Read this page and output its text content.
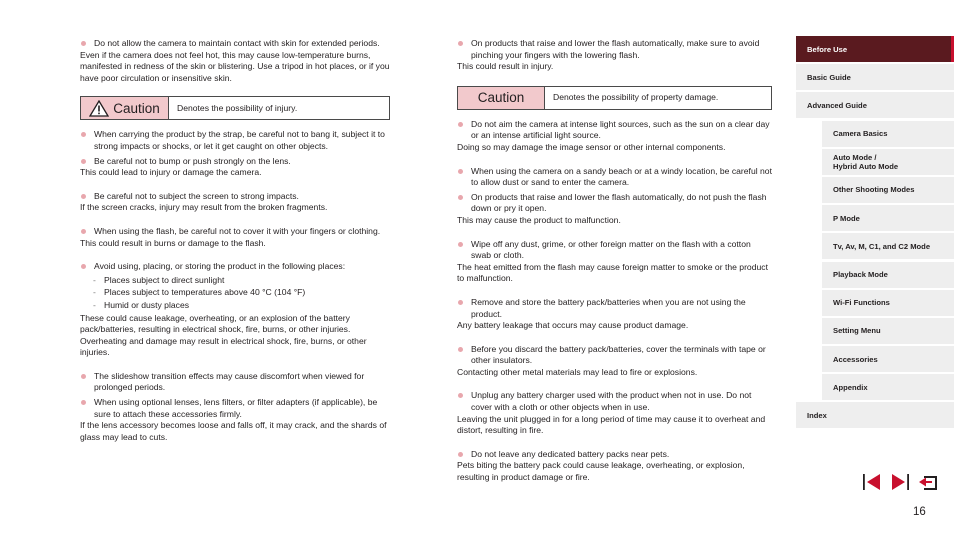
Do not allow the camera to maintain contact with skin for extended periods.

Even if the camera does not feel hot, this may cause low-temperature burns, manifested in redness of the skin or blistering. Use a tripod in hot places, or if you have poor circulation or insensitive skin.

Caution	Denotes the possibility of injury.

When carrying the product by the strap, be careful not to bang it, subject it to strong impacts or shocks, or let it get caught on other objects.

Be careful not to bump or push strongly on the lens.

This could lead to injury or damage the camera.

Be careful not to subject the screen to strong impacts.

If the screen cracks, injury may result from the broken fragments.

When using the flash, be careful not to cover it with your fingers or clothing.

This could result in burns or damage to the flash.

Avoid using, placing, or storing the product in the following places:

- Places subject to direct sunlight

- Places subject to temperatures above 40 °C (104 °F)

- Humid or dusty places

These could cause leakage, overheating, or an explosion of the battery pack/batteries, resulting in electrical shock, fire, burns, or other injuries. Overheating and damage may result in electrical shock, fire, burns, or other injuries.

The slideshow transition effects may cause discomfort when viewed for prolonged periods.

When using optional lenses, lens filters, or filter adapters (if applicable), be sure to attach these accessories firmly.

If the lens accessory becomes loose and falls off, it may crack, and the shards of glass may lead to cuts.

On products that raise and lower the flash automatically, make sure to avoid pinching your fingers with the lowering flash.

This could result in injury.

Caution	Denotes the possibility of property damage.

Do not aim the camera at intense light sources, such as the sun on a clear day or an intense artificial light source.

Doing so may damage the image sensor or other internal components.

When using the camera on a sandy beach or at a windy location, be careful not to allow dust or sand to enter the camera.

On products that raise and lower the flash automatically, do not push the flash down or pry it open.

This may cause the product to malfunction.

Wipe off any dust, grime, or other foreign matter on the flash with a cotton swab or cloth.

The heat emitted from the flash may cause foreign matter to smoke or the product to malfunction.

Remove and store the battery pack/batteries when you are not using the product.

Any battery leakage that occurs may cause product damage.

Before you discard the battery pack/batteries, cover the terminals with tape or other insulators.

Contacting other metal materials may lead to fire or explosions.

Unplug any battery charger used with the product when not in use. Do not cover with a cloth or other objects when in use.

Leaving the unit plugged in for a long period of time may cause it to overheat and distort, resulting in fire.

Do not leave any dedicated battery packs near pets.

Pets biting the battery pack could cause leakage, overheating, or explosion, resulting in product damage or fire.

Before Use
Basic Guide
Advanced Guide
Camera Basics
Auto Mode /
Hybrid Auto Mode
Other Shooting Modes
P Mode
Tv, Av, M, C1, and C2 Mode
Playback Mode
Wi-Fi Functions
Setting Menu
Accessories
Appendix
Index
16
